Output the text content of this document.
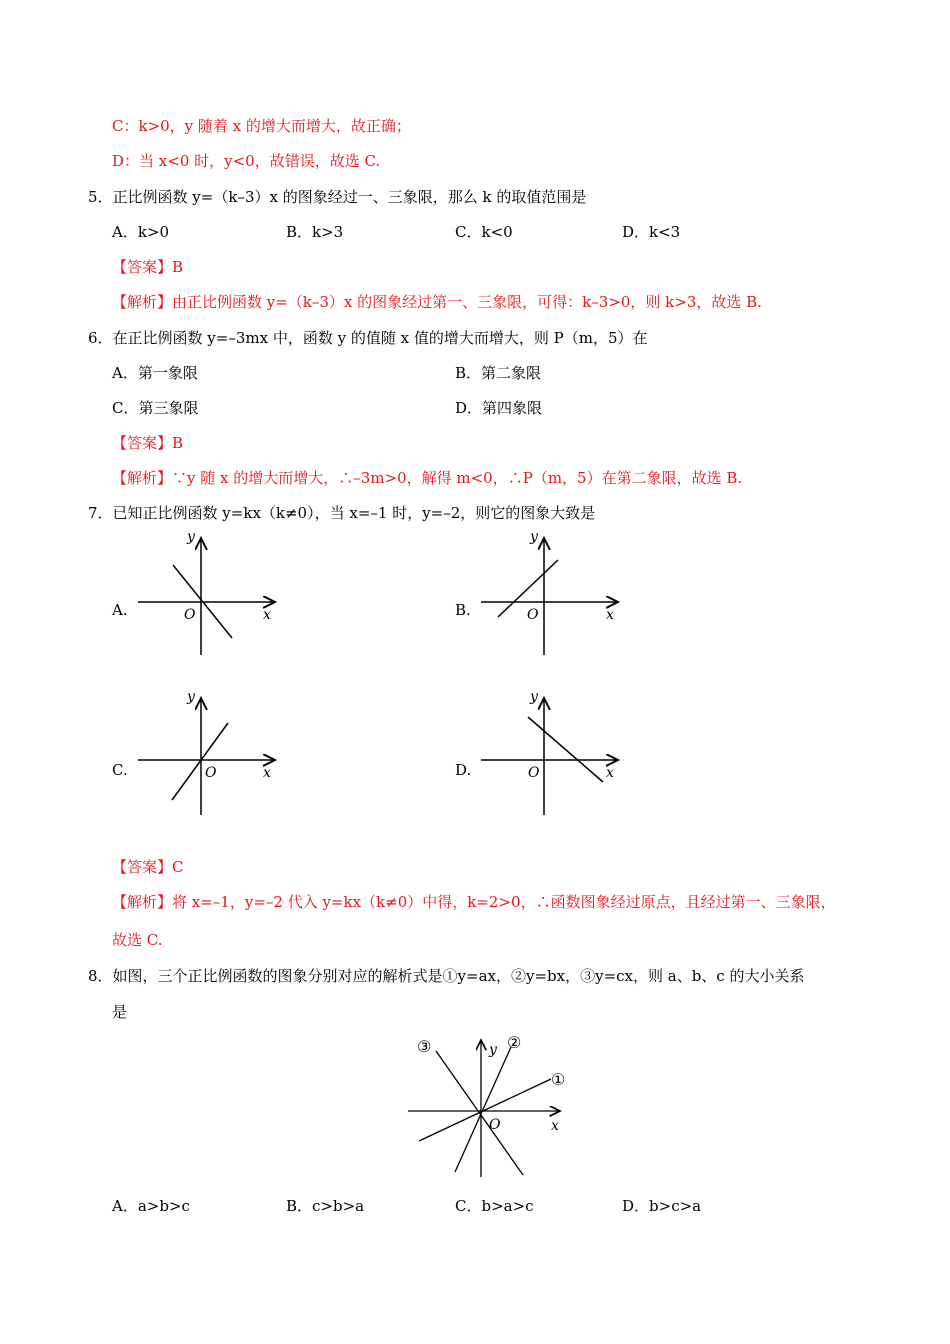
C：k>0，y 随着 x 的增大而增大，故正确；
D：当 x<0 时，y<0，故错误，故选 C.
5．正比例函数 y=（k–3）x 的图象经过一、三象限，那么 k 的取值范围是
A．k>0	B．k>3	C．k<0	D．k<3
【答案】B
【解析】由正比例函数 y=（k–3）x 的图象经过第一、三象限，可得：k–3>0，则 k>3，故选 B.
6．在正比例函数 y=–3mx 中，函数 y 的值随 x 值的增大而增大，则 P（m，5）在
A．第一象限	B．第二象限
C．第三象限	D．第四象限
【答案】B
【解析】∵y 随 x 的增大而增大，∴–3m>0，解得 m<0，∴P（m，5）在第二象限，故选 B.
7．已知正比例函数 y=kx（k≠0），当 x=–1 时，y=–2，则它的图象大致是
A.	B.
C.	D.
y
x
O
y
x
O
y
x
O
y
x
O
【答案】C
【解析】将 x=–1，y=–2 代入 y=kx（k≠0）中得，k=2>0，∴函数图象经过原点，且经过第一、三象限，
故选 C.
8．如图，三个正比例函数的图象分别对应的解析式是①y=ax，②y=bx，③y=cx，则 a、b、c 的大小关系
是
y
x
O
③	②
①
A．a>b>c	B．c>b>a	C．b>a>c	D．b>c>a
